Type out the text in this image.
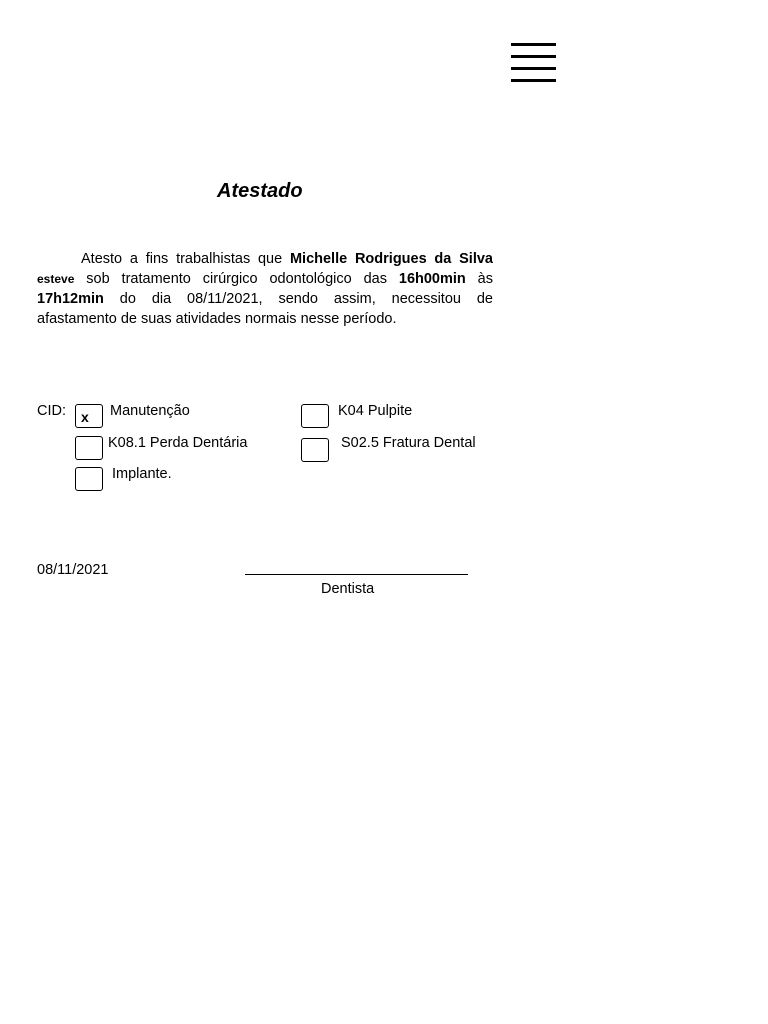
Atestado

Atesto a fins trabalhistas que Michelle Rodrigues da Silva esteve sob tratamento cirúrgico odontológico das 16h00min às 17h12min do dia 08/11/2021, sendo assim, necessitou de afastamento de suas atividades normais nesse período.

CID:	x	Manutenção	K04 Pulpite
K08.1 Perda Dentária	S02.5 Fratura Dental
Implante.
08/11/2021
Dentista
